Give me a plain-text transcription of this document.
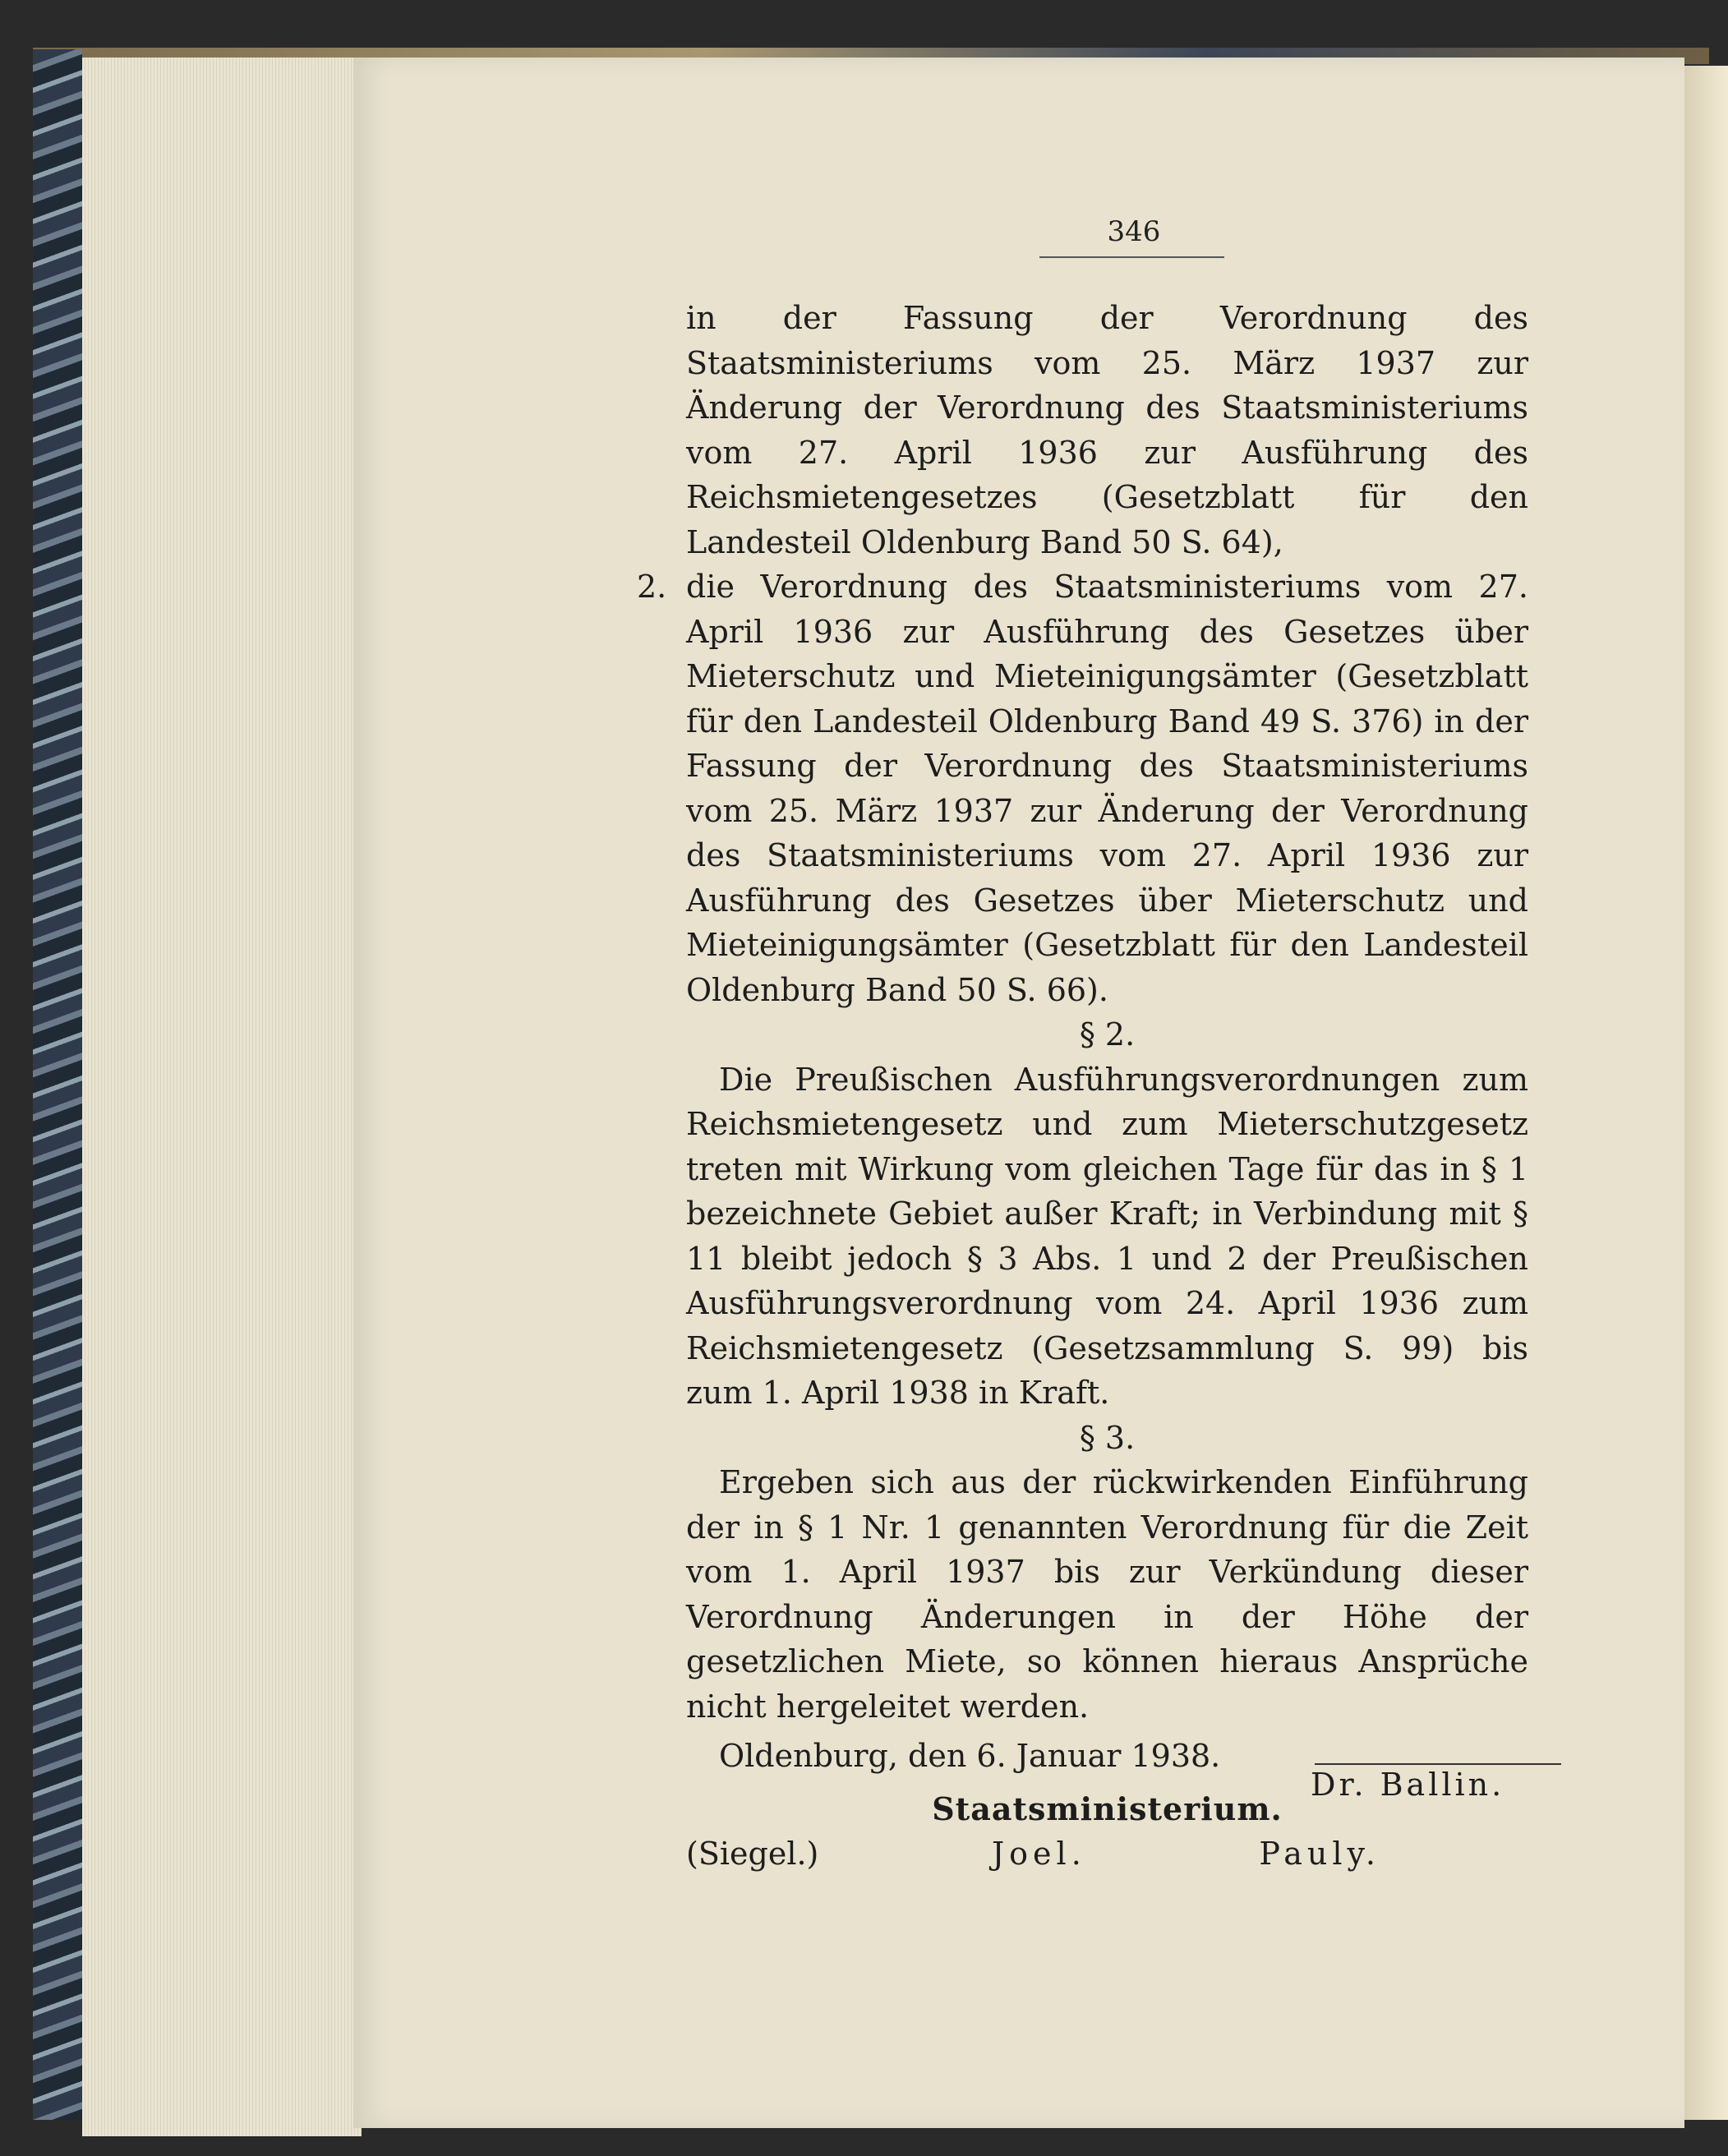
346

in der Fassung der Verordnung des Staatsministeriums vom 25. März 1937 zur Änderung der Verordnung des Staatsministeriums vom 27. April 1936 zur Ausführung des Reichsmietengesetzes (Gesetzblatt für den Landesteil Oldenburg Band 50 S. 64),

2. die Verordnung des Staatsministeriums vom 27. April 1936 zur Ausführung des Gesetzes über Mieterschutz und Mieteinigungsämter (Gesetzblatt für den Landesteil Oldenburg Band 49 S. 376) in der Fassung der Verordnung des Staatsministeriums vom 25. März 1937 zur Änderung der Verordnung des Staatsministeriums vom 27. April 1936 zur Ausführung des Gesetzes über Mieterschutz und Mieteinigungsämter (Gesetzblatt für den Landesteil Oldenburg Band 50 S. 66).

§ 2.

Die Preußischen Ausführungsverordnungen zum Reichsmietengesetz und zum Mieterschutzgesetz treten mit Wirkung vom gleichen Tage für das in § 1 bezeichnete Gebiet außer Kraft; in Verbindung mit § 11 bleibt jedoch § 3 Abs. 1 und 2 der Preußischen Ausführungsverordnung vom 24. April 1936 zum Reichsmietengesetz (Gesetzsammlung S. 99) bis zum 1. April 1938 in Kraft.

§ 3.

Ergeben sich aus der rückwirkenden Einführung der in § 1 Nr. 1 genannten Verordnung für die Zeit vom 1. April 1937 bis zur Verkündung dieser Verordnung Änderungen in der Höhe der gesetzlichen Miete, so können hieraus Ansprüche nicht hergeleitet werden.

Oldenburg, den 6. Januar 1938.

Staatsministerium.

(Siegel.)	Joel.	Pauly.
Dr. Ballin.
